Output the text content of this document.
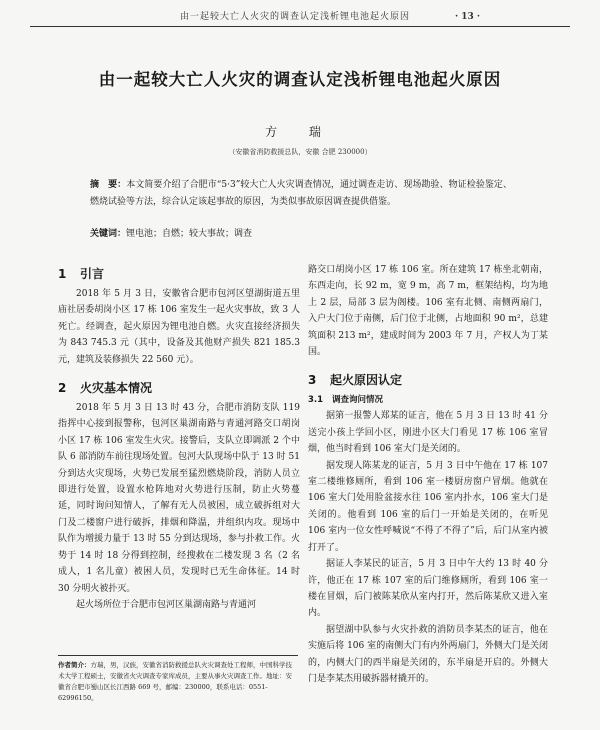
由一起较大亡人火灾的调查认定浅析锂电池起火原因	· 13 ·
由一起较大亡人火灾的调查认定浅析锂电池起火原因
方 瑞
（安徽省消防救援总队，安徽 合肥 230000）
摘　要：本文简要介绍了合肥市“5·3”较大亡人火灾调查情况，通过调查走访、现场勘验、物证检验鉴定、燃烧试验等方法，综合认定该起事故的原因，为类似事故原因调查提供借鉴。
关键词：锂电池；自燃；较大事故；调查
1 引言

2018 年 5 月 3 日，安徽省合肥市包河区望湖街道五里庙社居委胡岗小区 17 栋 106 室发生一起火灾事故，致 3 人死亡。经调查，起火原因为锂电池自燃。火灾直接经济损失为 843 745.3 元（其中，设备及其他财产损失 821 185.3 元，建筑及装修损失 22 560 元）。

2 火灾基本情况

2018 年 5 月 3 日 13 时 43 分，合肥市消防支队 119 指挥中心接到报警称，包河区巢湖南路与青通河路交口胡岗小区 17 栋 106 室发生火灾。接警后，支队立即调派 2 个中队 6 部消防车前往现场处置。包河大队现场中队于 13 时 51 分到达火灾现场，火势已发展至猛烈燃烧阶段，消防人员立即进行处置，设置水枪阵地对火势进行压制，防止火势蔓延，同时询问知情人，了解有无人员被困，成立破拆组对大门及二楼窗户进行破拆，排烟和降温，并组织内攻。现场中队作为增援力量于 13 时 55 分到达现场，参与扑救工作。火势于 14 时 18 分得到控制，经搜救在二楼发现 3 名（2 名成人，1 名儿童）被困人员，发现时已无生命体征。14 时 30 分明火被扑灭。

起火场所位于合肥市包河区巢湖南路与青通河

路交口胡岗小区 17 栋 106 室。所在建筑 17 栋坐北朝南，东西走向，长 92 m，宽 9 m，高 7 m，框架结构，均为地上 2 层，局部 3 层为阁楼。106 室有北侧、南侧两扇门，入户大门位于南侧，后门位于北侧，占地面积 90 m²，总建筑面积 213 m²，建成时间为 2003 年 7 月，产权人为丁某国。

3 起火原因认定
3.1 调查询问情况

据第一报警人郑某的证言，他在 5 月 3 日 13 时 41 分送完小孩上学回小区，刚进小区大门看见 17 栋 106 室冒烟，他当时看到 106 室大门是关闭的。

据发现人陈某龙的证言，5 月 3 日中午他在 17 栋 107 室二楼维修厕所，看到 106 室一楼厨房窗户冒烟。他就在 106 室大门处用脸盆接水往 106 室内扑水，106 室大门是关闭的。他看到 106 室的后门一开始是关闭的，在听见 106 室内一位女性呼喊说“不得了不得了”后，后门从室内被打开了。

据证人李某民的证言，5 月 3 日中午大约 13 时 40 分许，他正在 17 栋 107 室的后门维修厕所，看到 106 室一楼在冒烟，后门被陈某欣从室内打开，然后陈某欣又进入室内。

据望湖中队参与火灾扑救的消防员李某杰的证言，他在实施后将 106 室的南侧大门有内外两扇门，外侧大门是关闭的，内侧大门的西半扇是关闭的，东半扇是开启的。外侧大门是李某杰用破拆器材撬开的。

作者简介：方瑞，男，汉族，安徽省消防救援总队火灾调查处工程师，中国科学技术大学工程硕士，安徽省火灾调查专家库成员，主要从事火灾调查工作。地址：安徽省合肥市蜀山区长江西路 669 号，邮编：230000，联系电话：0551-62996150。
